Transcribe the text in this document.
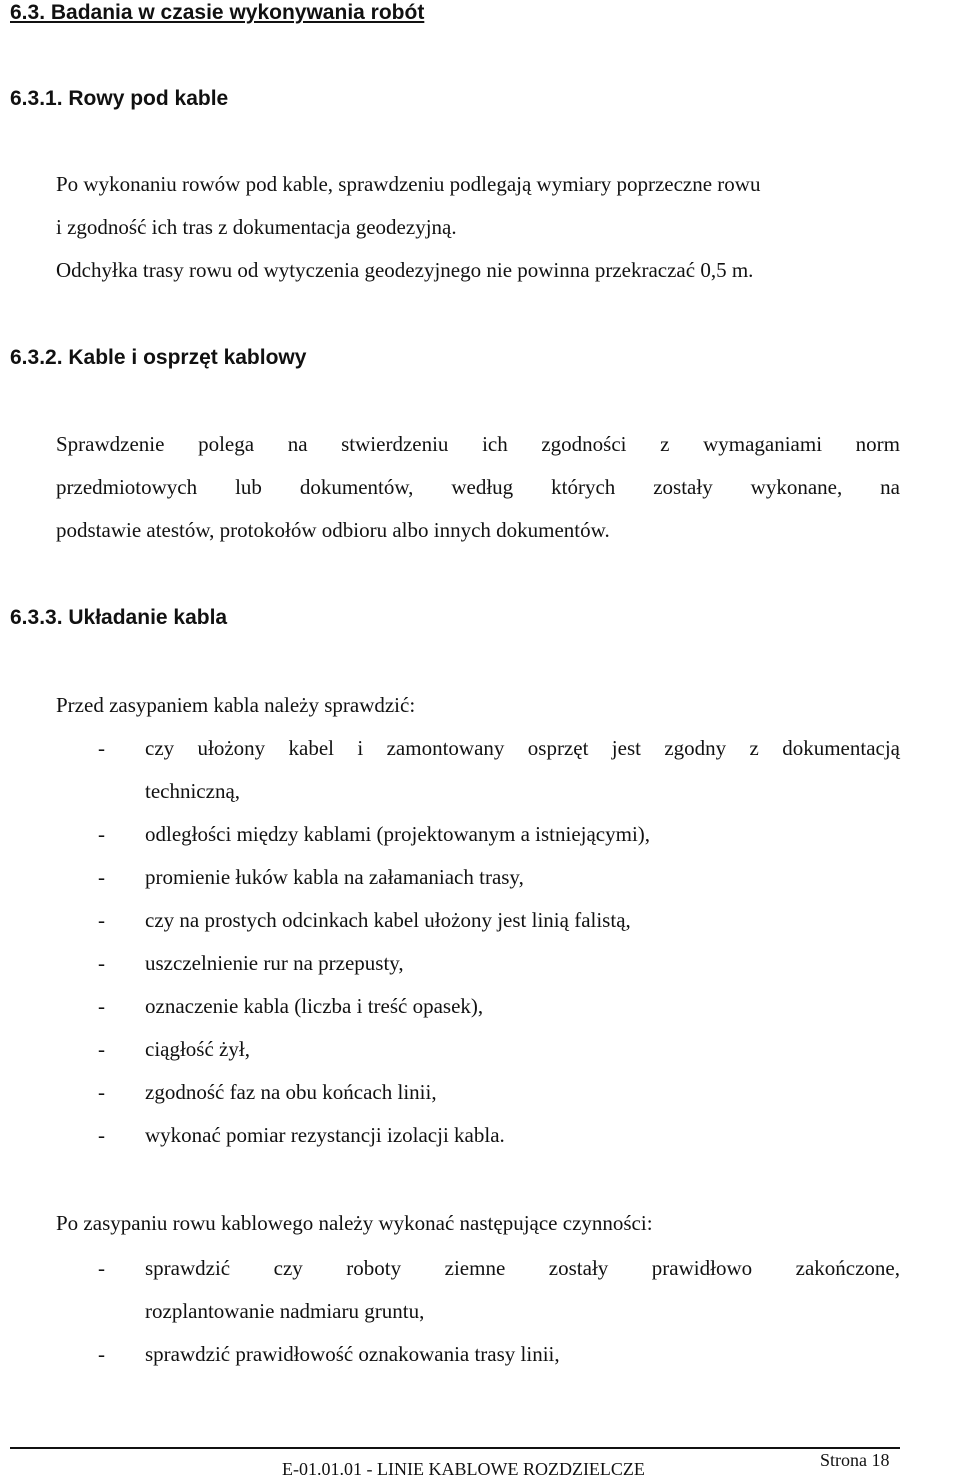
6.3. Badania w czasie wykonywania robót
6.3.1. Rowy pod kable

Po wykonaniu rowów pod kable, sprawdzeniu podlegają wymiary poprzeczne rowu

i zgodność ich tras z dokumentacja geodezyjną.

Odchyłka trasy rowu od wytyczenia geodezyjnego nie powinna przekraczać 0,5 m.

6.3.2. Kable i osprzęt kablowy
Sprawdzenie polega na stwierdzeniu ich zgodności z wymaganiami norm
przedmiotowych lub dokumentów, według których zostały wykonane, na
podstawie atestów, protokołów odbioru albo innych dokumentów.
6.3.3. Układanie kabla

Przed zasypaniem kabla należy sprawdzić:

- czy ułożony kabel i zamontowany osprzęt jest zgodny z dokumentacją
techniczną,
- odległości między kablami (projektowanym a istniejącymi),
- promienie łuków kabla na załamaniach trasy,
- czy na prostych odcinkach kabel ułożony jest linią falistą,
- uszczelnienie rur na przepusty,
- oznaczenie kabla (liczba i treść opasek),
- ciągłość żył,
- zgodność faz na obu końcach linii,
- wykonać pomiar rezystancji izolacji kabla.

Po zasypaniu rowu kablowego należy wykonać następujące czynności:

- sprawdzić czy roboty ziemne zostały prawidłowo zakończone,
rozplantowanie nadmiaru gruntu,
- sprawdzić prawidłowość oznakowania trasy linii,
E-01.01.01 - LINIE KABLOWE ROZDZIELCZE	Strona 18
